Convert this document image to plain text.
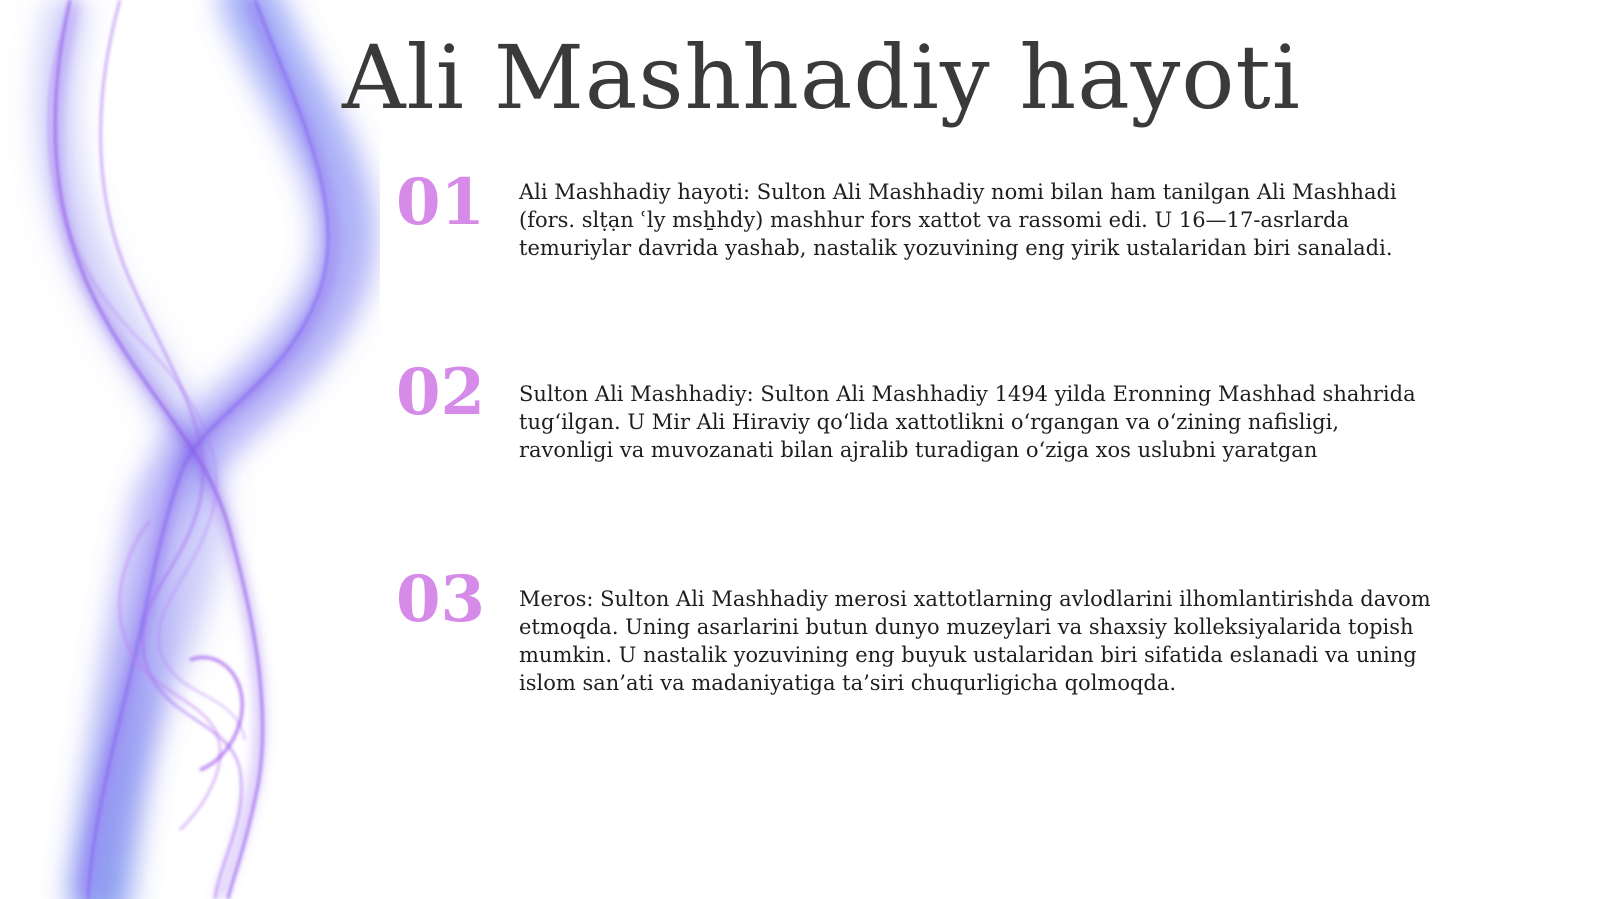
Ali Mashhadiy hayoti
01	Ali Mashhadiy hayoti: Sulton Ali Mashhadiy nomi bilan ham tanilgan Ali Mashhadi (fors. slṭạn ʿly msẖhdy) mashhur fors xattot va rassomi edi. U 16—17-asrlarda temuriylar davrida yashab, nastalik yozuvining eng yirik ustalaridan biri sanaladi.

02	Sulton Ali Mashhadiy: Sulton Ali Mashhadiy 1494 yilda Eronning Mashhad shahrida tugʻilgan. U Mir Ali Hiraviy qoʻlida xattotlikni oʻrgangan va oʻzining nafisligi, ravonligi va muvozanati bilan ajralib turadigan oʻziga xos uslubni yaratgan

03	Meros: Sulton Ali Mashhadiy merosi xattotlarning avlodlarini ilhomlantirishda davom etmoqda. Uning asarlarini butun dunyo muzeylari va shaxsiy kolleksiyalarida topish mumkin. U nastalik yozuvining eng buyuk ustalaridan biri sifatida eslanadi va uning islom san’ati va madaniyatiga ta’siri chuqurligicha qolmoqda.
